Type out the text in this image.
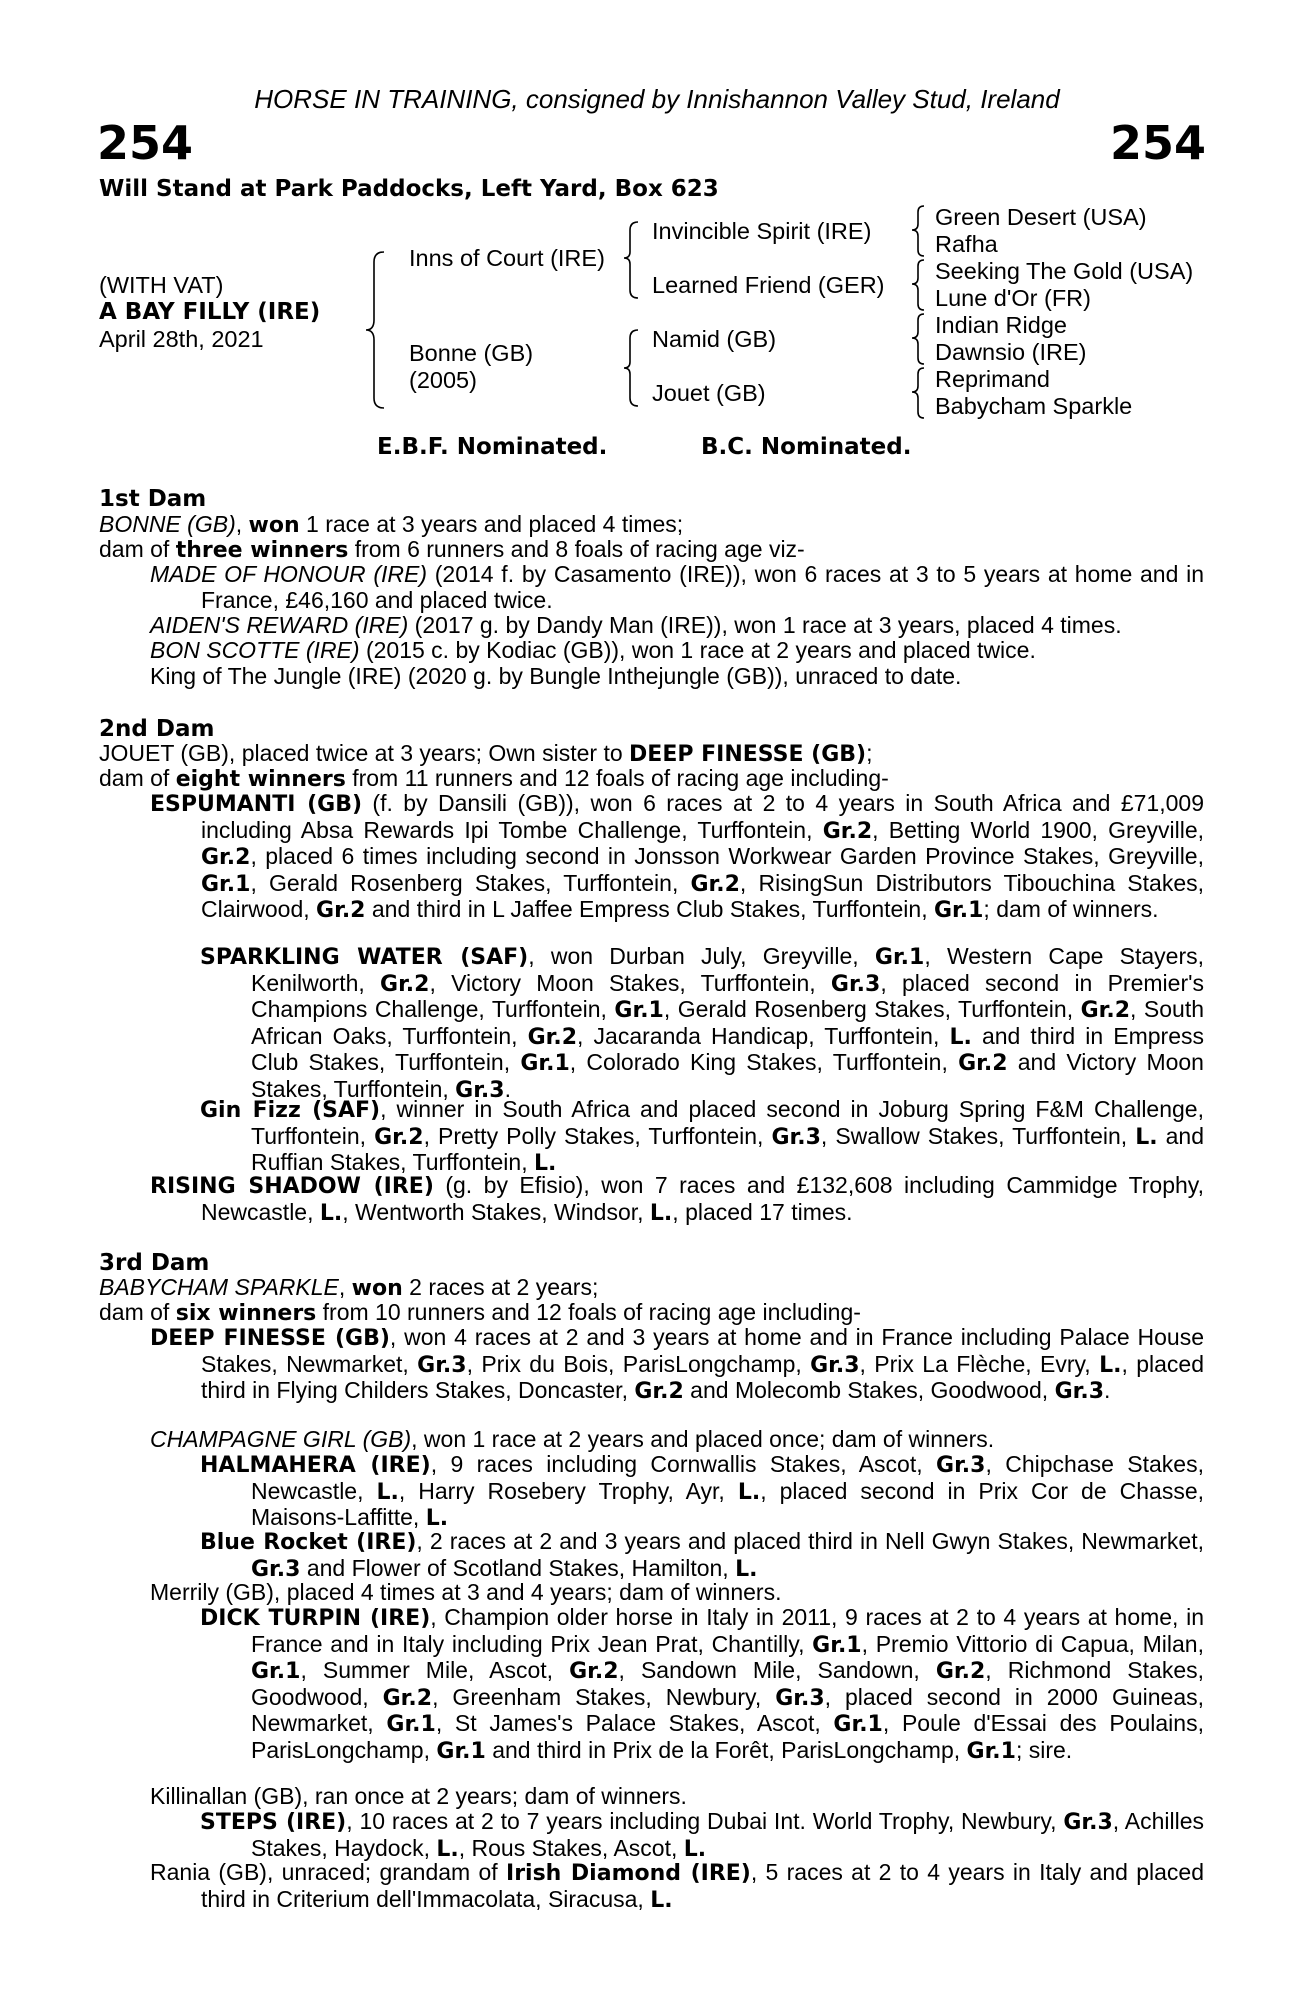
HORSE IN TRAINING, consigned by Innishannon Valley Stud, Ireland
254	254
Will Stand at Park Paddocks, Left Yard, Box 623
(WITH VAT)
A BAY FILLY (IRE)
April 28th, 2021
Inns of Court (IRE)
Bonne (GB)
(2005)
Invincible Spirit (IRE)
Learned Friend (GER)
Namid (GB)
Jouet (GB)
Green Desert (USA)
Rafha
Seeking The Gold (USA)
Lune d'Or (FR)
Indian Ridge
Dawnsio (IRE)
Reprimand
Babycham Sparkle
E.B.F. Nominated.	B.C. Nominated.
1st Dam
BONNE (GB), won 1 race at 3 years and placed 4 times;
dam of three winners from 6 runners and 8 foals of racing age viz-
MADE OF HONOUR (IRE) (2014 f. by Casamento (IRE)), won 6 races at 3 to 5 years at home and in France, £46,160 and placed twice.
AIDEN'S REWARD (IRE) (2017 g. by Dandy Man (IRE)), won 1 race at 3 years, placed 4 times.
BON SCOTTE (IRE) (2015 c. by Kodiac (GB)), won 1 race at 2 years and placed twice.
King of The Jungle (IRE) (2020 g. by Bungle Inthejungle (GB)), unraced to date.
2nd Dam
JOUET (GB), placed twice at 3 years; Own sister to DEEP FINESSE (GB);
dam of eight winners from 11 runners and 12 foals of racing age including-
ESPUMANTI (GB) (f. by Dansili (GB)), won 6 races at 2 to 4 years in South Africa and £71,009 including Absa Rewards Ipi Tombe Challenge, Turffontein, Gr.2, Betting World 1900, Greyville, Gr.2, placed 6 times including second in Jonsson Workwear Garden Province Stakes, Greyville, Gr.1, Gerald Rosenberg Stakes, Turffontein, Gr.2, RisingSun Distributors Tibouchina Stakes, Clairwood, Gr.2 and third in L Jaffee Empress Club Stakes, Turffontein, Gr.1; dam of winners.
SPARKLING WATER (SAF), won Durban July, Greyville, Gr.1, Western Cape Stayers, Kenilworth, Gr.2, Victory Moon Stakes, Turffontein, Gr.3, placed second in Premier's Champions Challenge, Turffontein, Gr.1, Gerald Rosenberg Stakes, Turffontein, Gr.2, South African Oaks, Turffontein, Gr.2, Jacaranda Handicap, Turffontein, L. and third in Empress Club Stakes, Turffontein, Gr.1, Colorado King Stakes, Turffontein, Gr.2 and Victory Moon Stakes, Turffontein, Gr.3.
Gin Fizz (SAF), winner in South Africa and placed second in Joburg Spring F&M Challenge, Turffontein, Gr.2, Pretty Polly Stakes, Turffontein, Gr.3, Swallow Stakes, Turffontein, L. and Ruffian Stakes, Turffontein, L.
RISING SHADOW (IRE) (g. by Efisio), won 7 races and £132,608 including Cammidge Trophy, Newcastle, L., Wentworth Stakes, Windsor, L., placed 17 times.
3rd Dam
BABYCHAM SPARKLE, won 2 races at 2 years;
dam of six winners from 10 runners and 12 foals of racing age including-
DEEP FINESSE (GB), won 4 races at 2 and 3 years at home and in France including Palace House Stakes, Newmarket, Gr.3, Prix du Bois, ParisLongchamp, Gr.3, Prix La Flèche, Evry, L., placed third in Flying Childers Stakes, Doncaster, Gr.2 and Molecomb Stakes, Goodwood, Gr.3.
CHAMPAGNE GIRL (GB), won 1 race at 2 years and placed once; dam of winners.
HALMAHERA (IRE), 9 races including Cornwallis Stakes, Ascot, Gr.3, Chipchase Stakes, Newcastle, L., Harry Rosebery Trophy, Ayr, L., placed second in Prix Cor de Chasse, Maisons-Laffitte, L.
Blue Rocket (IRE), 2 races at 2 and 3 years and placed third in Nell Gwyn Stakes, Newmarket, Gr.3 and Flower of Scotland Stakes, Hamilton, L.
Merrily (GB), placed 4 times at 3 and 4 years; dam of winners.
DICK TURPIN (IRE), Champion older horse in Italy in 2011, 9 races at 2 to 4 years at home, in France and in Italy including Prix Jean Prat, Chantilly, Gr.1, Premio Vittorio di Capua, Milan, Gr.1, Summer Mile, Ascot, Gr.2, Sandown Mile, Sandown, Gr.2, Richmond Stakes, Goodwood, Gr.2, Greenham Stakes, Newbury, Gr.3, placed second in 2000 Guineas, Newmarket, Gr.1, St James's Palace Stakes, Ascot, Gr.1, Poule d'Essai des Poulains, ParisLongchamp, Gr.1 and third in Prix de la Forêt, ParisLongchamp, Gr.1; sire.
Killinallan (GB), ran once at 2 years; dam of winners.
STEPS (IRE), 10 races at 2 to 7 years including Dubai Int. World Trophy, Newbury, Gr.3, Achilles Stakes, Haydock, L., Rous Stakes, Ascot, L.
Rania (GB), unraced; grandam of Irish Diamond (IRE), 5 races at 2 to 4 years in Italy and placed third in Criterium dell'Immacolata, Siracusa, L.
